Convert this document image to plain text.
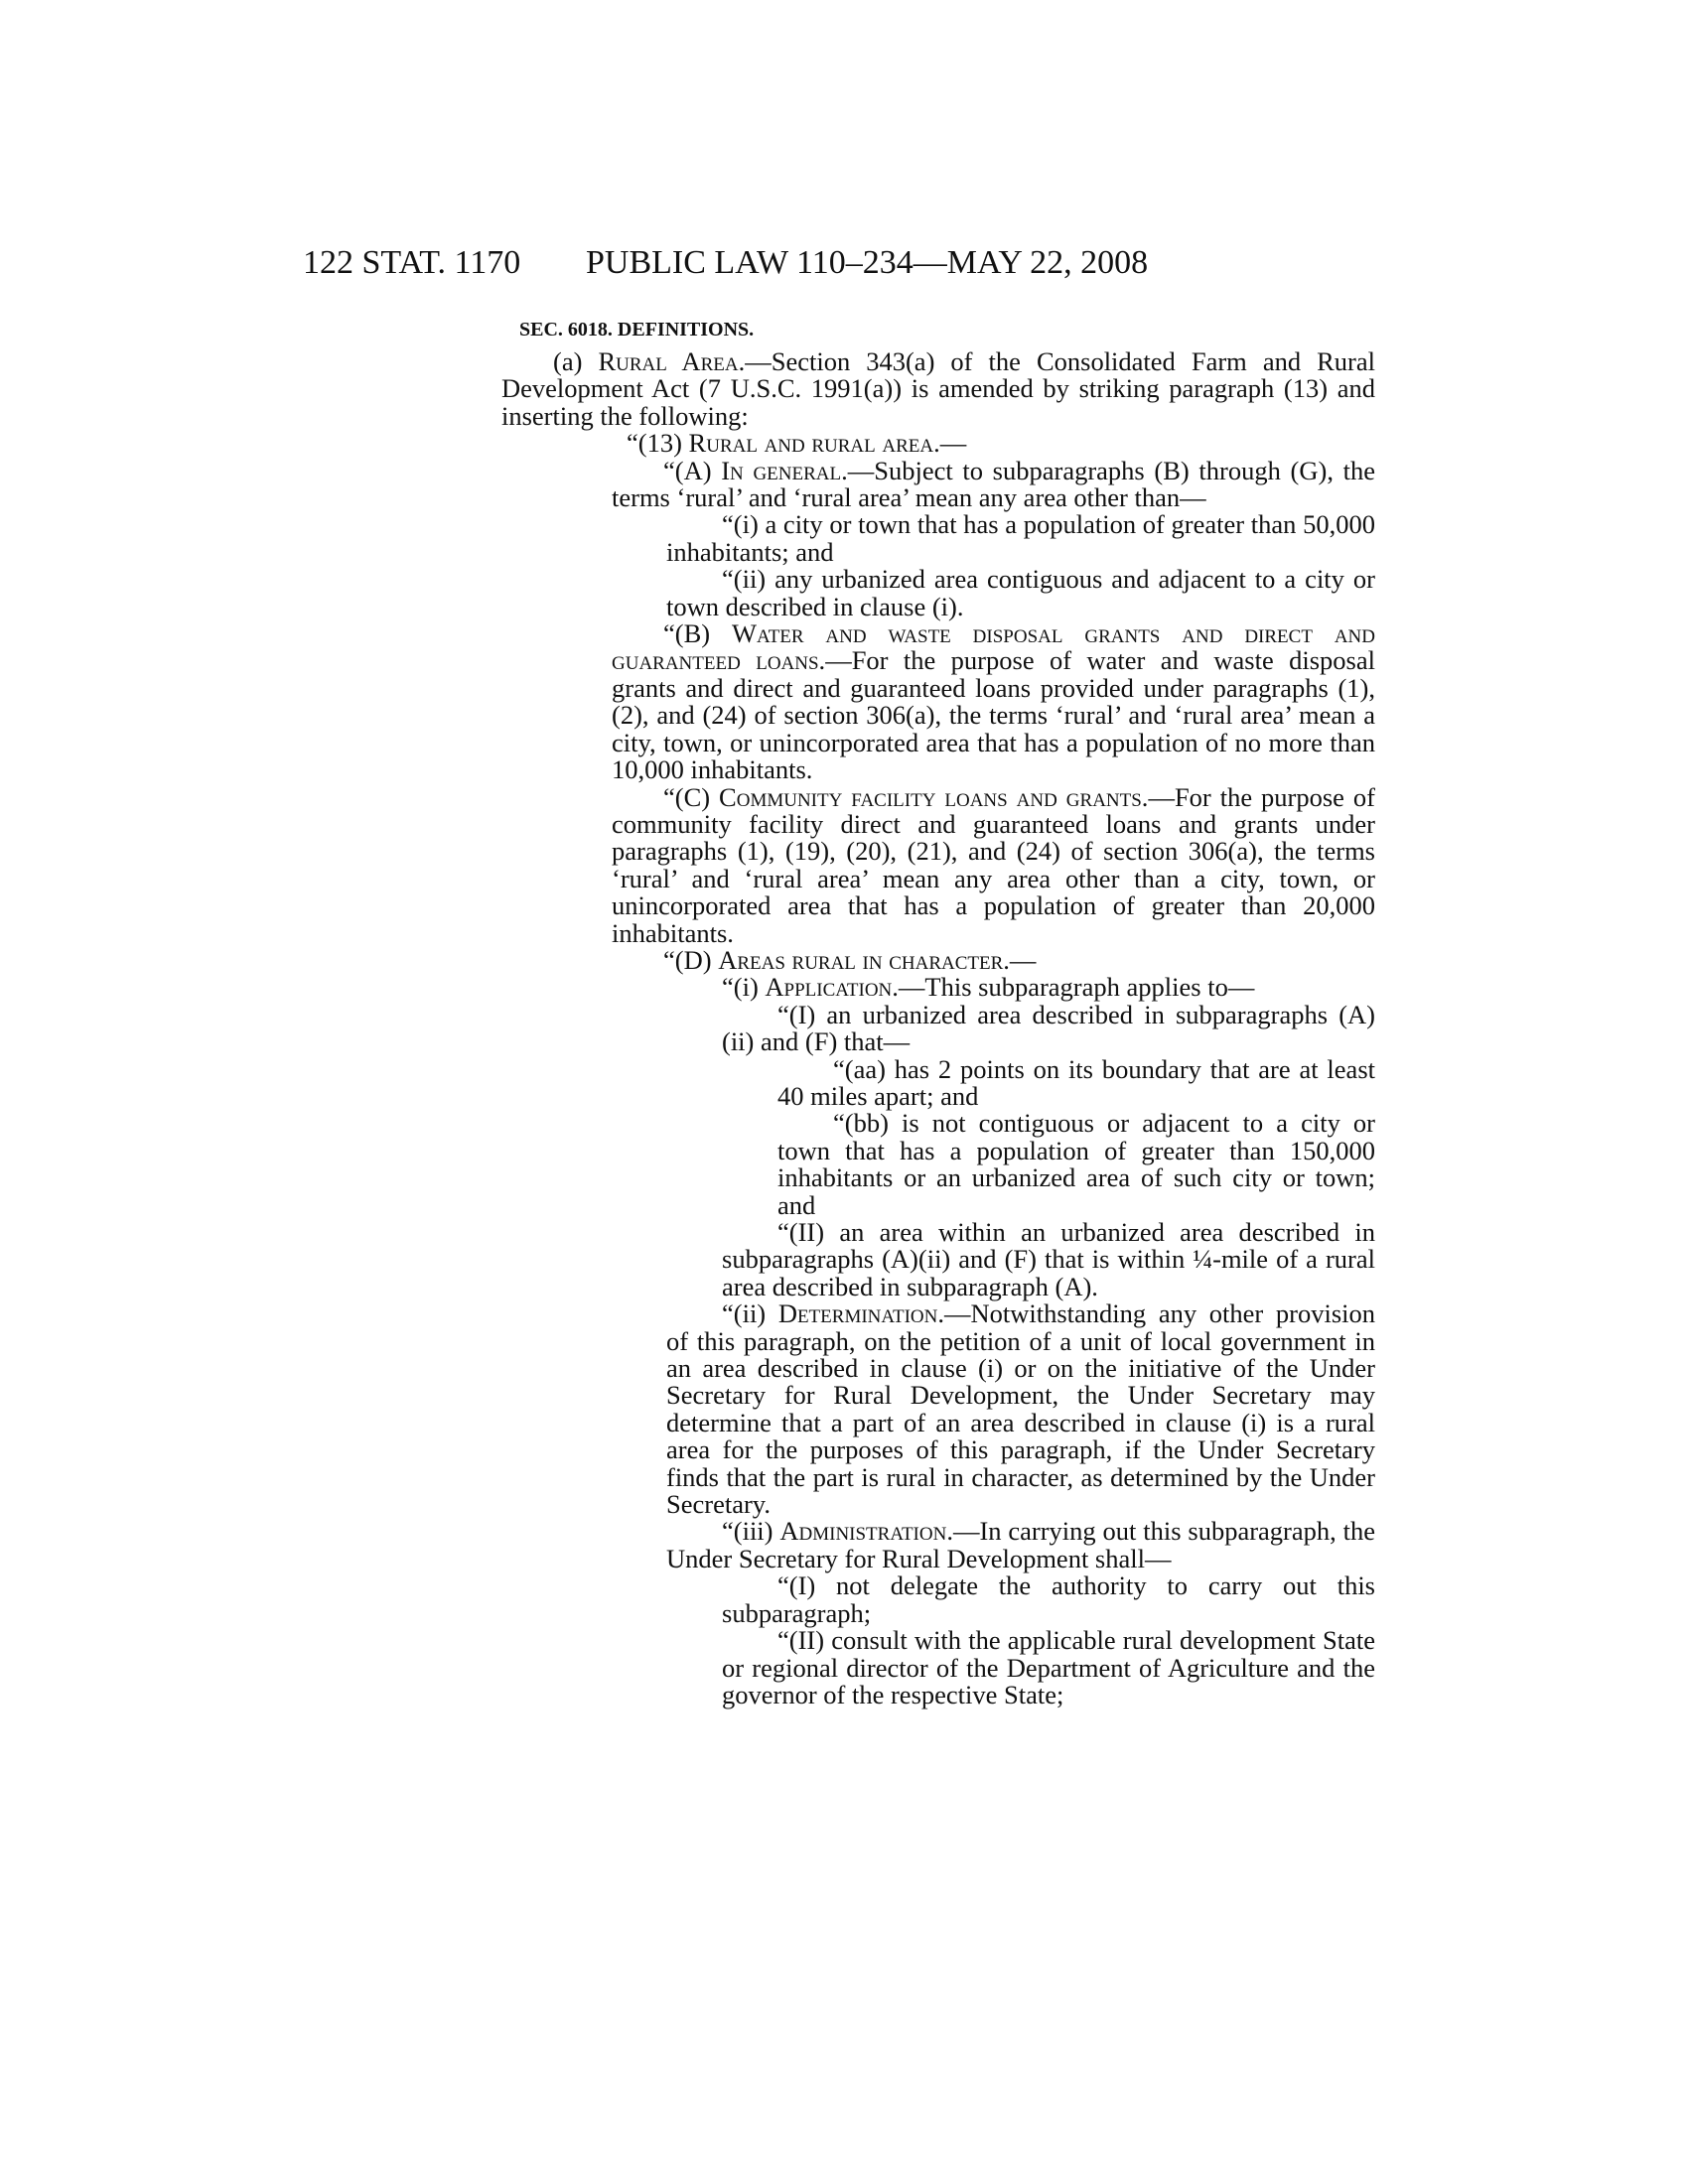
122 STAT. 1170 PUBLIC LAW 110–234—MAY 22, 2008
SEC. 6018. DEFINITIONS.

(a) Rural Area.—Section 343(a) of the Consolidated Farm and Rural Development Act (7 U.S.C. 1991(a)) is amended by striking paragraph (13) and inserting the following:

“(13) Rural and rural area.—

“(A) In general.—Subject to subparagraphs (B) through (G), the terms ‘rural’ and ‘rural area’ mean any area other than—

“(i) a city or town that has a population of greater than 50,000 inhabitants; and

“(ii) any urbanized area contiguous and adjacent to a city or town described in clause (i).

“(B) Water and waste disposal grants and direct and guaranteed loans.—For the purpose of water and waste disposal grants and direct and guaranteed loans provided under paragraphs (1), (2), and (24) of section 306(a), the terms ‘rural’ and ‘rural area’ mean a city, town, or unincorporated area that has a population of no more than 10,000 inhabitants.

“(C) Community facility loans and grants.—For the purpose of community facility direct and guaranteed loans and grants under paragraphs (1), (19), (20), (21), and (24) of section 306(a), the terms ‘rural’ and ‘rural area’ mean any area other than a city, town, or unincorporated area that has a population of greater than 20,000 inhabitants.

“(D) Areas rural in character.—

“(i) Application.—This subparagraph applies to—

“(I) an urbanized area described in subparagraphs (A)(ii) and (F) that—

“(aa) has 2 points on its boundary that are at least 40 miles apart; and

“(bb) is not contiguous or adjacent to a city or town that has a population of greater than 150,000 inhabitants or an urbanized area of such city or town; and

“(II) an area within an urbanized area described in subparagraphs (A)(ii) and (F) that is within ¼-mile of a rural area described in subparagraph (A).

“(ii) Determination.—Notwithstanding any other provision of this paragraph, on the petition of a unit of local government in an area described in clause (i) or on the initiative of the Under Secretary for Rural Development, the Under Secretary may determine that a part of an area described in clause (i) is a rural area for the purposes of this paragraph, if the Under Secretary finds that the part is rural in character, as determined by the Under Secretary.

“(iii) Administration.—In carrying out this subparagraph, the Under Secretary for Rural Development shall—

“(I) not delegate the authority to carry out this subparagraph;

“(II) consult with the applicable rural development State or regional director of the Department of Agriculture and the governor of the respective State;
